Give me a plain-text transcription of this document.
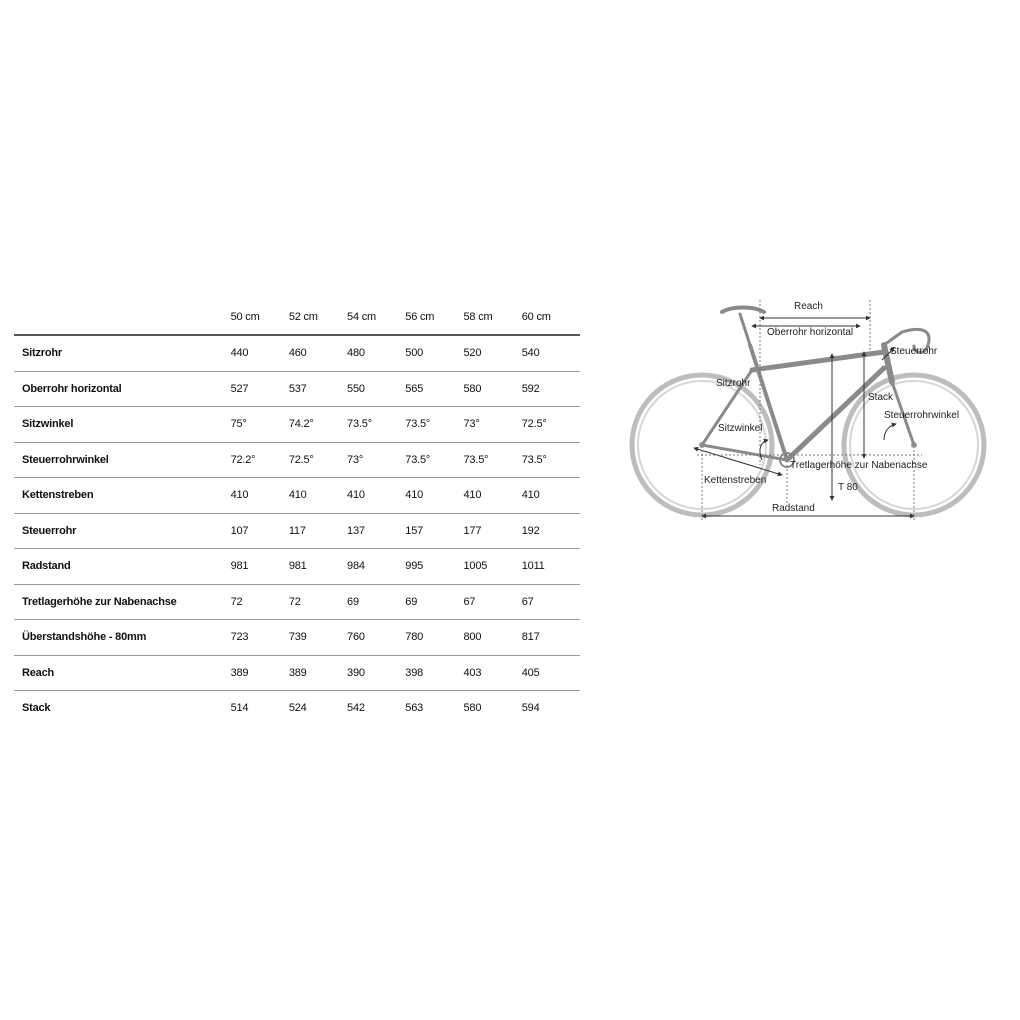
	50 cm	52 cm	54 cm	56 cm	58 cm	60 cm
Sitzrohr	440	460	480	500	520	540
Oberrohr horizontal	527	537	550	565	580	592
Sitzwinkel	75°	74.2°	73.5°	73.5°	73°	72.5°
Steuerrohrwinkel	72.2°	72.5°	73°	73.5°	73.5°	73.5°
Kettenstreben	410	410	410	410	410	410
Steuerrohr	107	117	137	157	177	192
Radstand	981	981	984	995	1005	1011
Tretlagerhöhe zur Nabenachse	72	72	69	69	67	67
Überstandshöhe - 80mm	723	739	760	780	800	817
Reach	389	389	390	398	403	405
Stack	514	524	542	563	580	594
Reach
Oberrohr horizontal
Steuerrohr
Sitzrohr
Stack
Steuerrohrwinkel
Sitzwinkel
Tretlagerhöhe zur Nabenachse
Kettenstreben
T 80
Radstand
